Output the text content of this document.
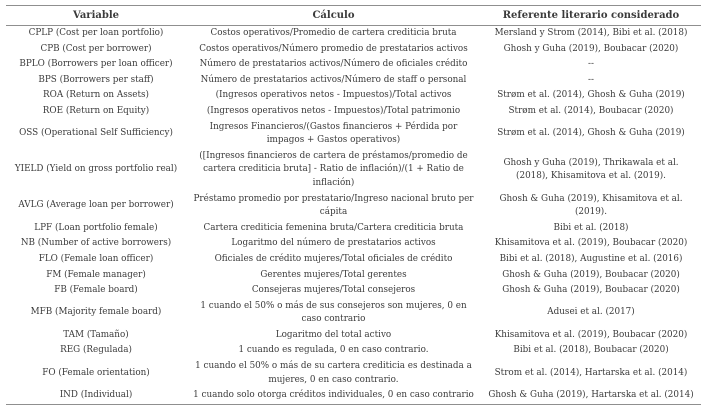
Variable	Cálculo	Referente literario considerado
CPLP (Cost per loan portfolio)	Costos operativos/Promedio de cartera crediticia bruta	Mersland y Strom (2014), Bibi et al. (2018)
CPB (Cost per borrower)	Costos operativos/Número promedio de prestatarios activos	Ghosh y Guha (2019), Boubacar (2020)
BPLO (Borrowers per loan officer)	Número de prestatarios activos/Número de oficiales crédito	--
BPS (Borrowers per staff)	Número de prestatarios activos/Número de staff o personal	--
ROA (Return on Assets)	(Ingresos operativos netos - Impuestos)/Total activos	Strøm et al. (2014), Ghosh & Guha (2019)
ROE (Return on Equity)	(Ingresos operativos netos - Impuestos)/Total patrimonio	Strøm et al. (2014), Boubacar (2020)
OSS (Operational Self Sufficiency)	Ingresos Financieros/(Gastos financieros + Pérdida por impagos + Gastos operativos)	Strøm et al. (2014), Ghosh & Guha (2019)
YIELD (Yield on gross portfolio real)	([Ingresos financieros de cartera de préstamos/promedio de cartera crediticia bruta] - Ratio de inflación)/(1 + Ratio de inflación)	Ghosh y Guha (2019), Thrikawala et al. (2018), Khisamitova et al. (2019).
AVLG (Average loan per borrower)	Préstamo promedio por prestatario/Ingreso nacional bruto per cápita	Ghosh & Guha (2019), Khisamitova et al. (2019).
LPF (Loan portfolio female)	Cartera crediticia femenina bruta/Cartera crediticia bruta	Bibi et al. (2018)
NB (Number of active borrowers)	Logaritmo del número de prestatarios activos	Khisamitova et al. (2019), Boubacar (2020)
FLO (Female loan officer)	Oficiales de crédito mujeres/Total oficiales de crédito	Bibi et al. (2018), Augustine et al. (2016)
FM (Female manager)	Gerentes mujeres/Total gerentes	Ghosh & Guha (2019), Boubacar (2020)
FB (Female board)	Consejeras mujeres/Total consejeros	Ghosh & Guha (2019), Boubacar (2020)
MFB (Majority female board)	1 cuando el 50% o más de sus consejeros son mujeres, 0 en caso contrario	Adusei et al. (2017)
TAM (Tamaño)	Logaritmo del total activo	Khisamitova et al. (2019), Boubacar (2020)
REG (Regulada)	1 cuando es regulada, 0 en caso contrario.	Bibi et al. (2018), Boubacar (2020)
FO (Female orientation)	1 cuando el 50% o más de su cartera crediticia es destinada a mujeres, 0 en caso contrario.	Strom et al. (2014), Hartarska et al. (2014)
IND (Individual)	1 cuando solo otorga créditos individuales, 0 en caso contrario	Ghosh & Guha (2019), Hartarska et al. (2014)
